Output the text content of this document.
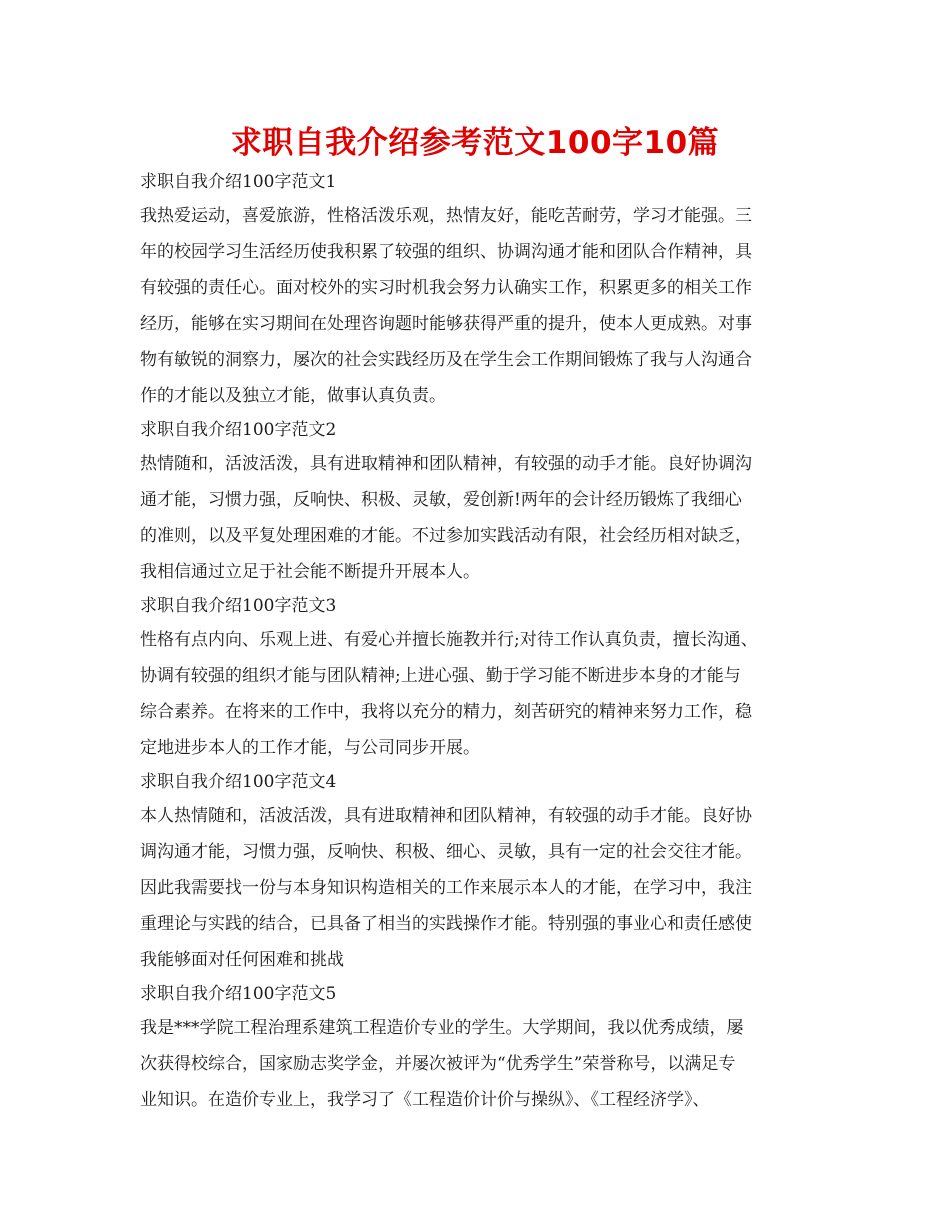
求职自我介绍参考范文100字10篇
求职自我介绍100字范文1

我热爱运动，喜爱旅游，性格活泼乐观，热情友好，能吃苦耐劳，学习才能强。三
年的校园学习生活经历使我积累了较强的组织、协调沟通才能和团队合作精神，具
有较强的责任心。面对校外的实习时机我会努力认确实工作，积累更多的相关工作
经历，能够在实习期间在处理咨询题时能够获得严重的提升，使本人更成熟。对事
物有敏锐的洞察力，屡次的社会实践经历及在学生会工作期间锻炼了我与人沟通合
作的才能以及独立才能，做事认真负责。

求职自我介绍100字范文2

热情随和，活波活泼，具有进取精神和团队精神，有较强的动手才能。良好协调沟
通才能，习惯力强，反响快、积极、灵敏，爱创新!两年的会计经历锻炼了我细心
的准则，以及平复处理困难的才能。不过参加实践活动有限，社会经历相对缺乏，
我相信通过立足于社会能不断提升开展本人。

求职自我介绍100字范文3

性格有点内向、乐观上进、有爱心并擅长施教并行;对待工作认真负责，擅长沟通、
协调有较强的组织才能与团队精神;上进心强、勤于学习能不断进步本身的才能与
综合素养。在将来的工作中，我将以充分的精力，刻苦研究的精神来努力工作，稳
定地进步本人的工作才能，与公司同步开展。

求职自我介绍100字范文4

本人热情随和，活波活泼，具有进取精神和团队精神，有较强的动手才能。良好协
调沟通才能，习惯力强，反响快、积极、细心、灵敏，具有一定的社会交往才能。
因此我需要找一份与本身知识构造相关的工作来展示本人的才能，在学习中，我注
重理论与实践的结合，已具备了相当的实践操作才能。特别强的事业心和责任感使
我能够面对任何困难和挑战

求职自我介绍100字范文5

我是***学院工程治理系建筑工程造价专业的学生。大学期间，我以优秀成绩，屡
次获得校综合，国家励志奖学金，并屡次被评为“优秀学生”荣誉称号，以满足专
业知识。在造价专业上，我学习了《工程造价计价与操纵》、《工程经济学》、
